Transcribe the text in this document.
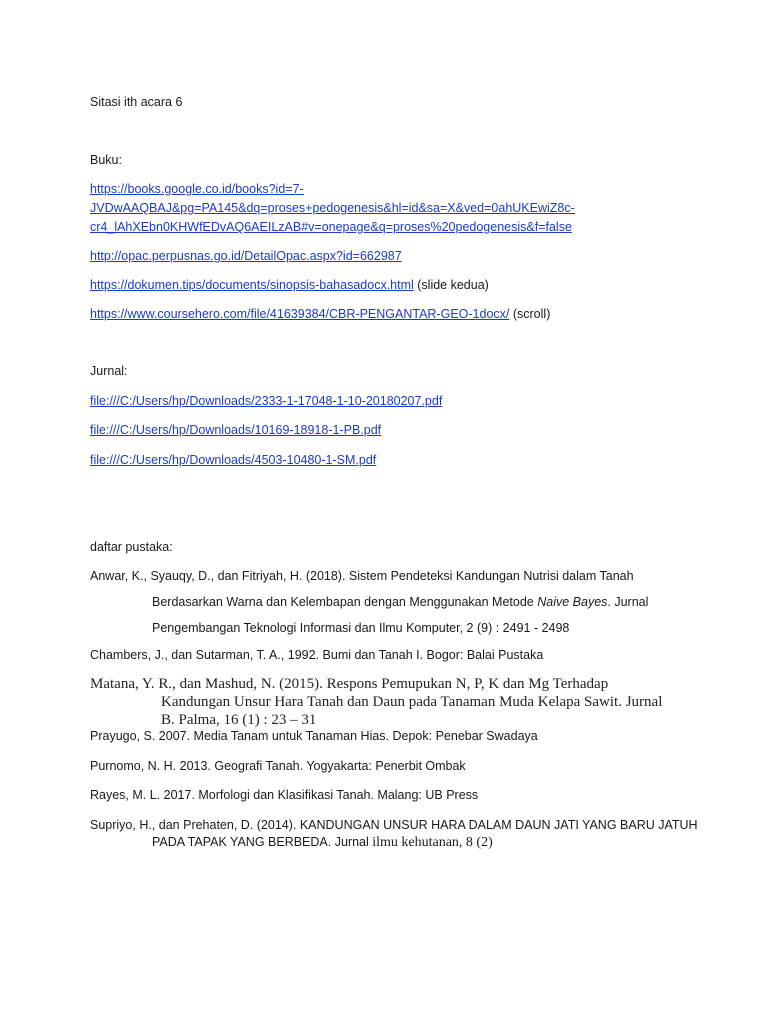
Sitasi ith acara 6
Buku:
https://books.google.co.id/books?id=7-
JVDwAAQBAJ&pg=PA145&dq=proses+pedogenesis&hl=id&sa=X&ved=0ahUKEwiZ8c-
cr4_lAhXEbn0KHWfEDvAQ6AEILzAB#v=onepage&q=proses%20pedogenesis&f=false
http://opac.perpusnas.go.id/DetailOpac.aspx?id=662987
https://dokumen.tips/documents/sinopsis-bahasadocx.html (slide kedua)
https://www.coursehero.com/file/41639384/CBR-PENGANTAR-GEO-1docx/ (scroll)
Jurnal:
file:///C:/Users/hp/Downloads/2333-1-17048-1-10-20180207.pdf
file:///C:/Users/hp/Downloads/10169-18918-1-PB.pdf
file:///C:/Users/hp/Downloads/4503-10480-1-SM.pdf
daftar pustaka:
Anwar, K., Syauqy, D., dan Fitriyah, H. (2018). Sistem Pendeteksi Kandungan Nutrisi dalam Tanah
Berdasarkan Warna dan Kelembapan dengan Menggunakan Metode Naive Bayes. Jurnal
Pengembangan Teknologi Informasi dan Ilmu Komputer, 2 (9) : 2491 - 2498
Chambers, J., dan Sutarman, T. A., 1992. Bumi dan Tanah I. Bogor: Balai Pustaka
Matana, Y. R., dan Mashud, N. (2015). Respons Pemupukan N, P, K dan Mg Terhadap
Kandungan Unsur Hara Tanah dan Daun pada Tanaman Muda Kelapa Sawit. Jurnal
B. Palma, 16 (1) : 23 – 31
Prayugo, S. 2007. Media Tanam untuk Tanaman Hias. Depok: Penebar Swadaya
Purnomo, N. H. 2013. Geografi Tanah. Yogyakarta: Penerbit Ombak
Rayes, M. L. 2017. Morfologi dan Klasifikasi Tanah. Malang: UB Press
Supriyo, H., dan Prehaten, D. (2014). KANDUNGAN UNSUR HARA DALAM DAUN JATI YANG BARU JATUH
PADA TAPAK YANG BERBEDA. Jurnal ilmu kehutanan, 8 (2)
